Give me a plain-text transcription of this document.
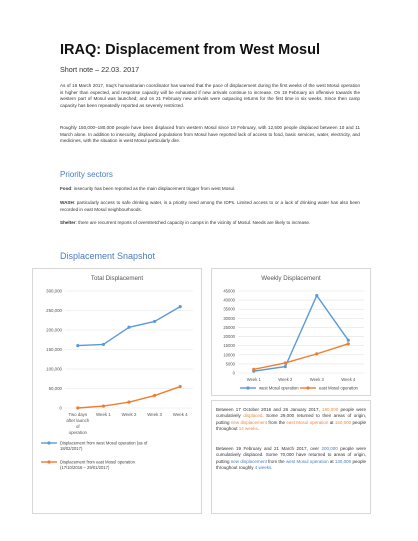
IRAQ: Displacement from West Mosul
Short note – 22.03. 2017
As of 16 March 2017, Iraq's humanitarian coordinator has warned that the pace of displacement during the first weeks of the west Mosul operation is higher than expected, and response capacity will be exhausted if new arrivals continue to increase. On 19 February an offensive towards the western part of Mosul was launched; and on 21 February new arrivals were outpacing returns for the first time in six weeks. Since then camp capacity has been repeatedly reported as severely restricted.
Roughly 150,000–180,000 people have been displaced from western Mosul since 19 February, with 12,500 people displaced between 10 and 11 March alone. In addition to insecurity, displaced populations from Mosul have reported lack of access to food, basic services, water, electricity, and medicines, with the situation in west Mosul particularly dire.
Priority sectors
Food: insecurity has been reported as the main displacement trigger from west Mosul.
WASH: particularly access to safe drinking water, is a priority need among the IDPs. Limited access to or a lack of drinking water has also been recorded in east Mosul neighbourhoods.
Shelter: there are recurrent reports of overstretched capacity in camps in the vicinity of Mosul. Needs are likely to increase.
Displacement Snapshot
Total Displacement
0
50,000
100,000
150,000
200,000
250,000
300,000
Two days
after launch
of
operation
Week 1 Week 2 Week 3 Week 4
Displacement from west Mosul operation (as of
18/02/2017)
Displacement from east Mosul operation
(17/10/2016 – 29/01/2017)
Weekly Displacement
0
5000
10000
15000
20000
25000
30000
35000
40000
45000
Week 1	Week 2	Week 3	Week 4
west Mosul operation	east Mosul operation
Between 17 October 2016 and 26 January 2017, 180,000 people were cumulatively displaced. Some 29,000 returned to their areas of origin, putting new displacement from the east Mosul operation at 150,000 people throughout 14 weeks.
Between 19 February and 21 March 2017, over 200,000 people were cumulatively displaced. Some 70,000 have returned to areas of origin, putting new displacement from the west Mosul operation at 130,000 people throughout roughly 4 weeks.
